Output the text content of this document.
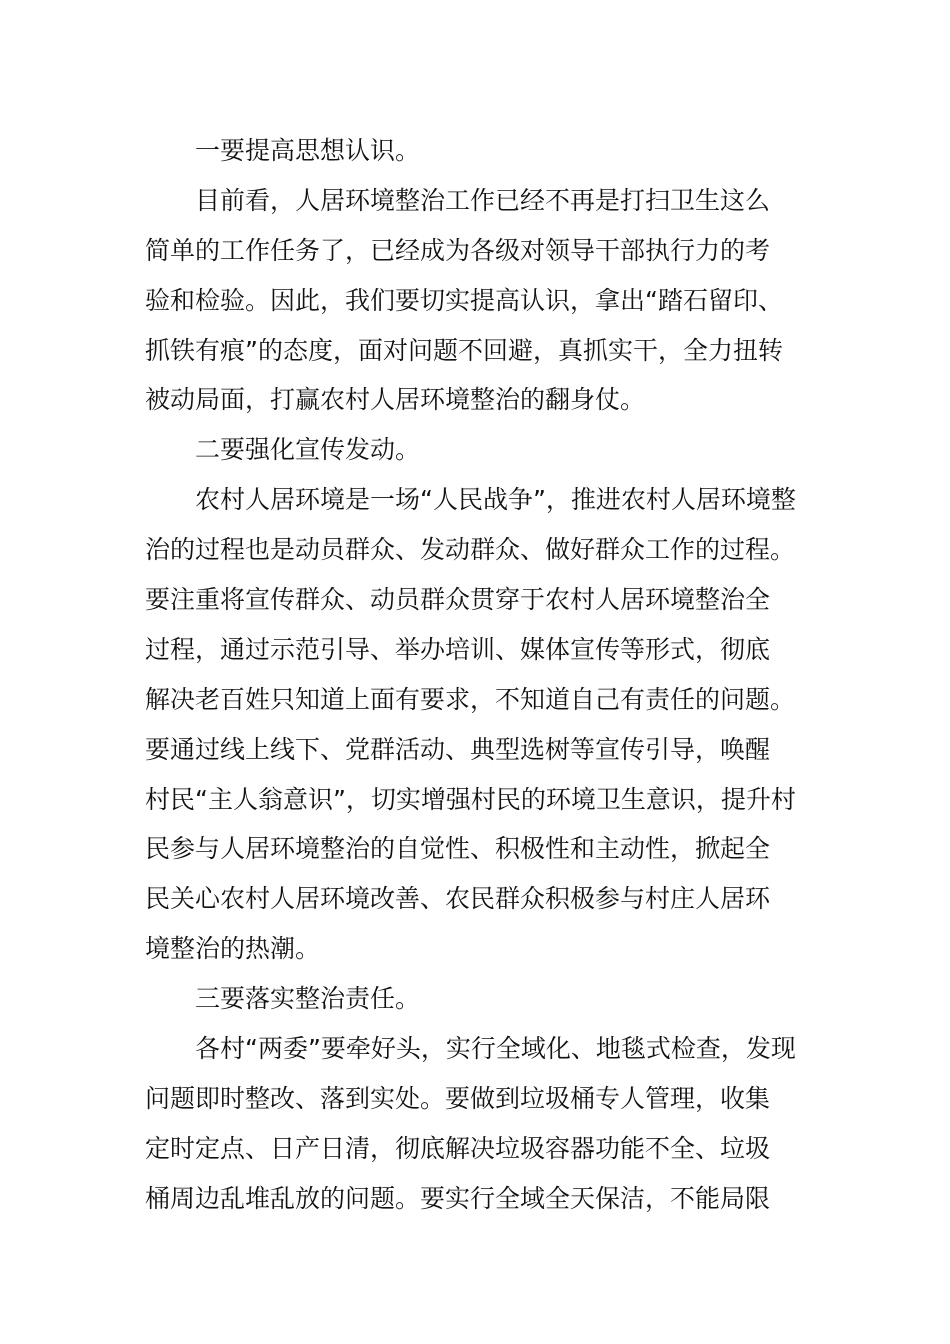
一要提高思想认识。
目前看，人居环境整治工作已经不再是打扫卫生这么
简单的工作任务了，已经成为各级对领导干部执行力的考
验和检验。因此，我们要切实提高认识，拿出“踏石留印、
抓铁有痕”的态度，面对问题不回避，真抓实干，全力扭转
被动局面，打赢农村人居环境整治的翻身仗。
二要强化宣传发动。
农村人居环境是一场“人民战争”，推进农村人居环境整
治的过程也是动员群众、发动群众、做好群众工作的过程。
要注重将宣传群众、动员群众贯穿于农村人居环境整治全
过程，通过示范引导、举办培训、媒体宣传等形式，彻底
解决老百姓只知道上面有要求，不知道自己有责任的问题。
要通过线上线下、党群活动、典型选树等宣传引导，唤醒
村民“主人翁意识”，切实增强村民的环境卫生意识，提升村
民参与人居环境整治的自觉性、积极性和主动性，掀起全
民关心农村人居环境改善、农民群众积极参与村庄人居环
境整治的热潮。
三要落实整治责任。
各村“两委”要牵好头，实行全域化、地毯式检查，发现
问题即时整改、落到实处。要做到垃圾桶专人管理，收集
定时定点、日产日清，彻底解决垃圾容器功能不全、垃圾
桶周边乱堆乱放的问题。要实行全域全天保洁，不能局限
